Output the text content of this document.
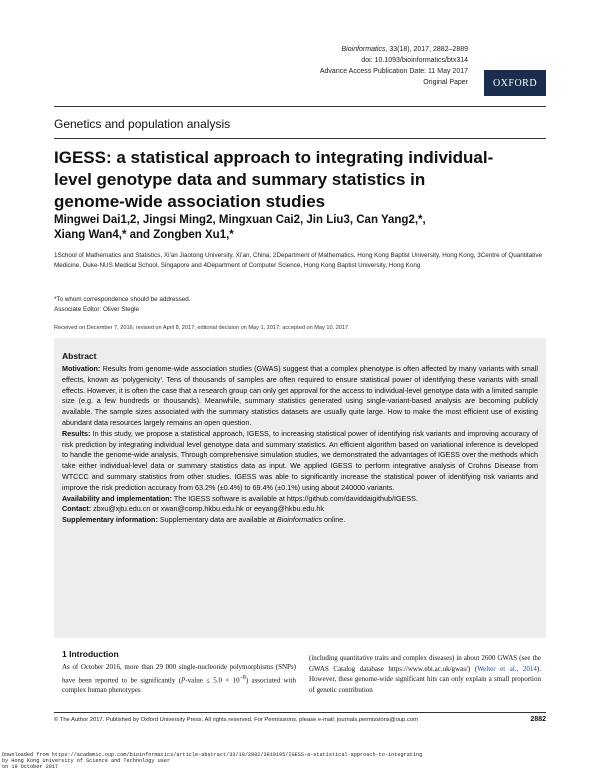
Bioinformatics, 33(18), 2017, 2882–2889
doi: 10.1093/bioinformatics/btx314
Advance Access Publication Date: 11 May 2017
Original Paper	OXFORD
Genetics and population analysis
IGESS: a statistical approach to integrating individual-level genotype data and summary statistics in genome-wide association studies
Mingwei Dai1,2, Jingsi Ming2, Mingxuan Cai2, Jin Liu3, Can Yang2,*,
Xiang Wan4,* and Zongben Xu1,*
1School of Mathematics and Statistics, Xi'an Jiaotong University, Xi'an, China, 2Department of Mathematics, Hong Kong Baptist University, Hong Kong, 3Centre of Quantitative Medicine, Duke-NUS Medical School, Singapore and 4Department of Computer Science, Hong Kong Baptist University, Hong Kong
*To whom correspondence should be addressed.
Associate Editor: Oliver Stegle
Received on December 7, 2016; revised on April 8, 2017; editorial decision on May 1, 2017; accepted on May 10, 2017
Abstract
Motivation: Results from genome-wide association studies (GWAS) suggest that a complex phenotype is often affected by many variants with small effects, known as ‘polygenicity’. Tens of thousands of samples are often required to ensure statistical power of identifying these variants with small effects. However, it is often the case that a research group can only get approval for the access to individual-level genotype data with a limited sample size (e.g. a few hundreds or thousands). Meanwhile, summary statistics generated using single-variant-based analysis are becoming publicly available. The sample sizes associated with the summary statistics datasets are usually quite large. How to make the most efficient use of existing abundant data resources largely remains an open question.
Results: In this study, we propose a statistical approach, IGESS, to increasing statistical power of identifying risk variants and improving accuracy of risk prediction by integrating individual level genotype data and summary statistics. An efficient algorithm based on variational inference is developed to handle the genome-wide analysis. Through comprehensive simulation studies, we demonstrated the advantages of IGESS over the methods which take either individual-level data or summary statistics data as input. We applied IGESS to perform integrative analysis of Crohns Disease from WTCCC and summary statistics from other studies. IGESS was able to significantly increase the statistical power of identifying risk variants and improve the risk prediction accuracy from 63.2% (±0.4%) to 69.4% (±0.1%) using about 240000 variants.
Availability and implementation: The IGESS software is available at https://github.com/daviddaigithub/IGESS.
Contact: zbxu@xjtu.edu.cn or xwan@comp.hkbu.edu.hk or eeyang@hkbu.edu.hk
Supplementary information: Supplementary data are available at Bioinformatics online.
1 Introduction
As of October 2016, more than 29 000 single-nucleotide polymorphisms (SNPs) have been reported to be significantly (P-value ≤ $5.0 \times 10^{-8}$) associated with complex human phenotypes
(including quantitative traits and complex diseases) in about 2600 GWAS (see the GWAS Catalog database https://www.ebi.ac.uk/gwas/) (Welter et al., 2014). However, these genome-wide significant hits can only explain a small proportion of genetic contribution
© The Author 2017. Published by Oxford University Press. All rights reserved. For Permissions, please e-mail: journals.permissions@oup.com	2882
Downloaded from https://academic.oup.com/bioinformatics/article-abstract/33/18/2882/3819195/IGESS-a-statistical-approach-to-integrating
by Hong Kong University of Science and Technology user
on 19 October 2017
